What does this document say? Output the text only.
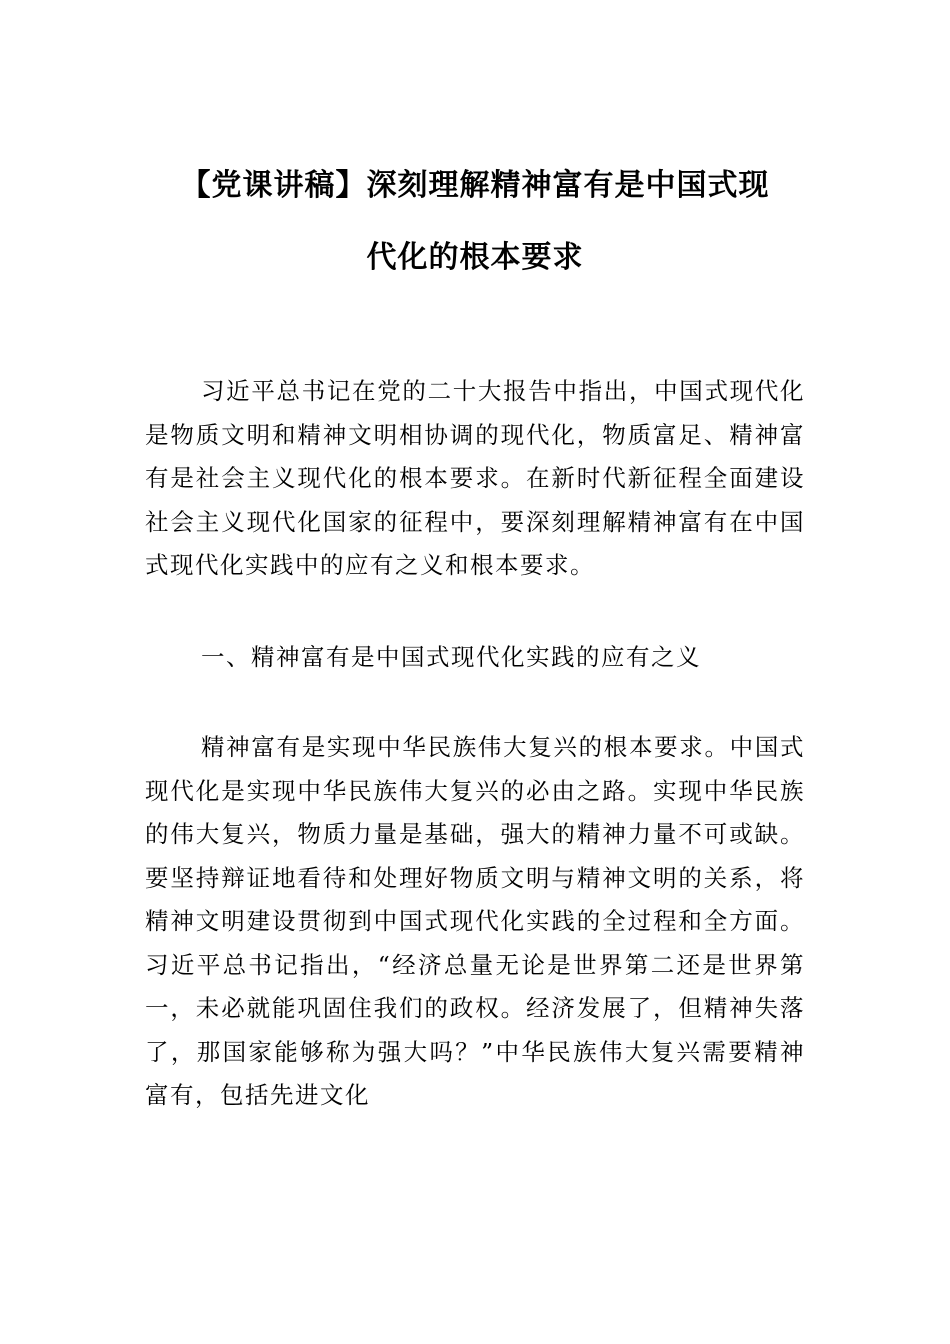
【党课讲稿】深刻理解精神富有是中国式现
代化的根本要求

习近平总书记在党的二十大报告中指出，中国式现代化是物质文明和精神文明相协调的现代化，物质富足、精神富有是社会主义现代化的根本要求。在新时代新征程全面建设社会主义现代化国家的征程中，要深刻理解精神富有在中国式现代化实践中的应有之义和根本要求。

一、精神富有是中国式现代化实践的应有之义

精神富有是实现中华民族伟大复兴的根本要求。中国式现代化是实现中华民族伟大复兴的必由之路。实现中华民族的伟大复兴，物质力量是基础，强大的精神力量不可或缺。要坚持辩证地看待和处理好物质文明与精神文明的关系，将精神文明建设贯彻到中国式现代化实践的全过程和全方面。习近平总书记指出，“经济总量无论是世界第二还是世界第一，未必就能巩固住我们的政权。经济发展了，但精神失落了，那国家能够称为强大吗？”中华民族伟大复兴需要精神富有，包括先进文化
